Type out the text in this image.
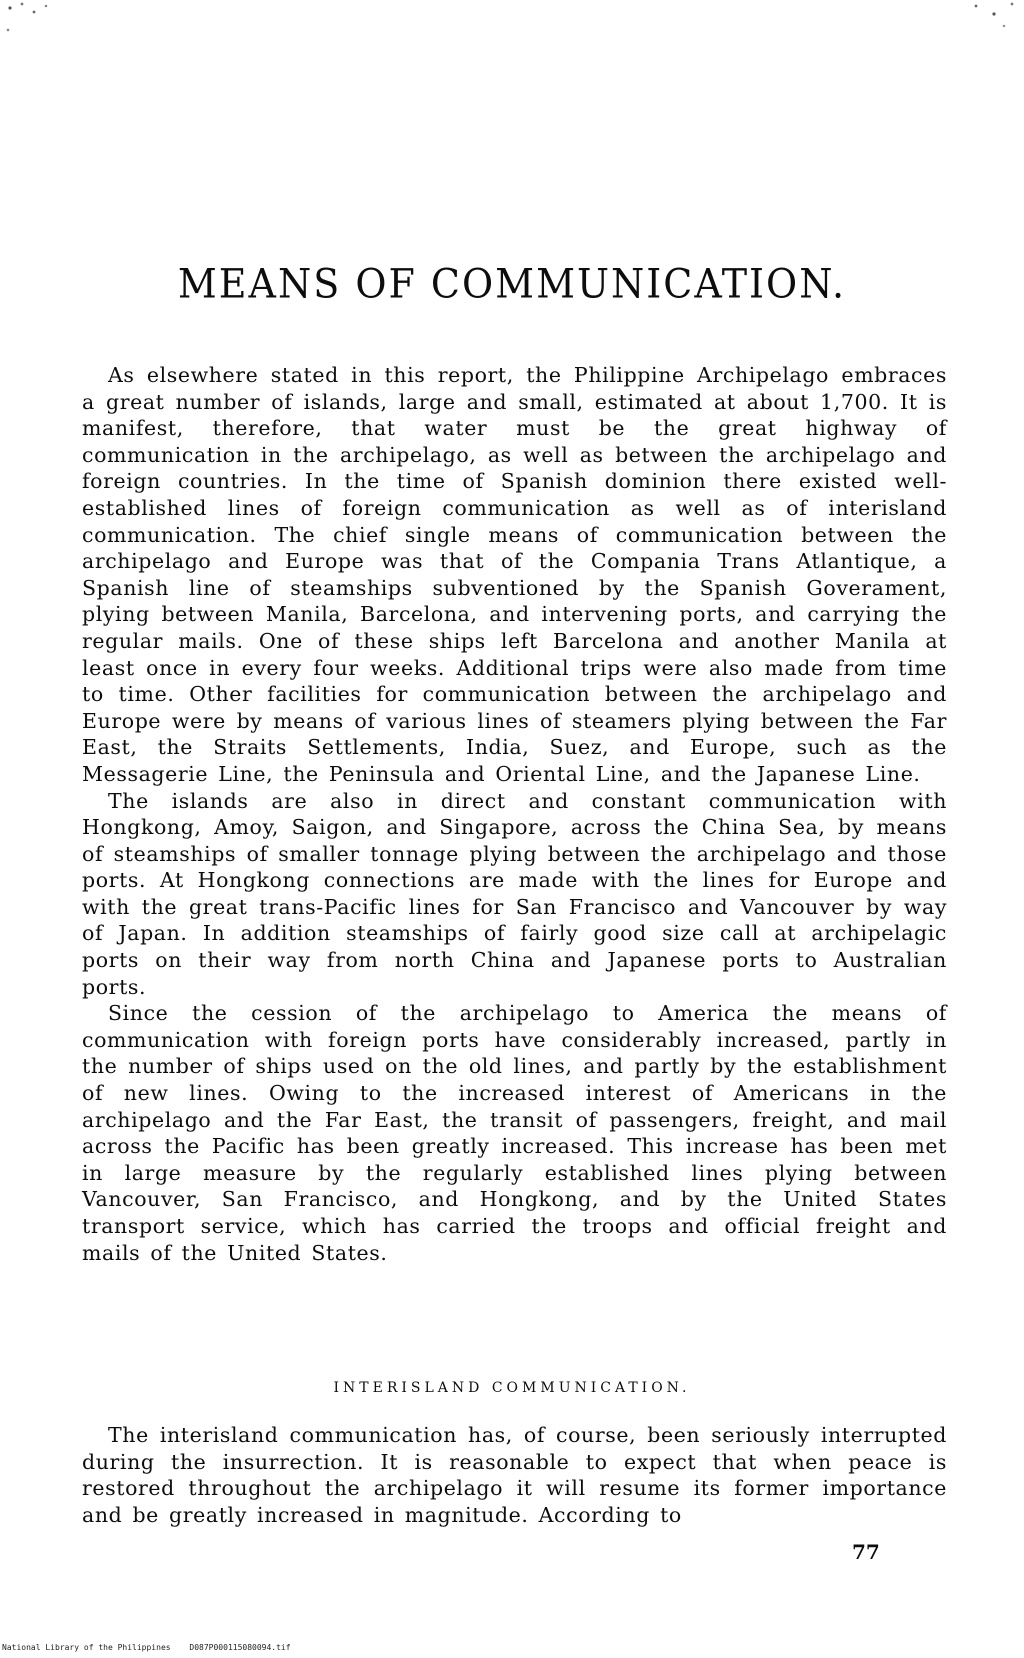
MEANS OF COMMUNICATION.

As elsewhere stated in this report, the Philippine Archipelago embraces a great number of islands, large and small, estimated at about 1,700. It is manifest, therefore, that water must be the great highway of communication in the archipelago, as well as between the archipelago and foreign countries. In the time of Spanish dominion there existed well-established lines of foreign communication as well as of interisland communication. The chief single means of communication between the archipelago and Europe was that of the Compania Trans Atlantique, a Spanish line of steamships subventioned by the Spanish Goverament, plying between Manila, Barcelona, and intervening ports, and carrying the regular mails. One of these ships left Barcelona and another Manila at least once in every four weeks. Additional trips were also made from time to time. Other facilities for communication between the archipelago and Europe were by means of various lines of steamers plying between the Far East, the Straits Settlements, India, Suez, and Europe, such as the Messagerie Line, the Peninsula and Oriental Line, and the Japanese Line.

The islands are also in direct and constant communication with Hongkong, Amoy, Saigon, and Singapore, across the China Sea, by means of steamships of smaller tonnage plying between the archipelago and those ports. At Hongkong connections are made with the lines for Europe and with the great trans-Pacific lines for San Francisco and Vancouver by way of Japan. In addition steamships of fairly good size call at archipelagic ports on their way from north China and Japanese ports to Australian ports.

Since the cession of the archipelago to America the means of communication with foreign ports have considerably increased, partly in the number of ships used on the old lines, and partly by the establishment of new lines. Owing to the increased interest of Americans in the archipelago and the Far East, the transit of passengers, freight, and mail across the Pacific has been greatly increased. This increase has been met in large measure by the regularly established lines plying between Vancouver, San Francisco, and Hongkong, and by the United States transport service, which has carried the troops and official freight and mails of the United States.

INTERISLAND COMMUNICATION.

The interisland communication has, of course, been seriously interrupted during the insurrection. It is reasonable to expect that when peace is restored throughout the archipelago it will resume its former importance and be greatly increased in magnitude. According to

77
National Library of the Philippines D087P000115080094.tif
